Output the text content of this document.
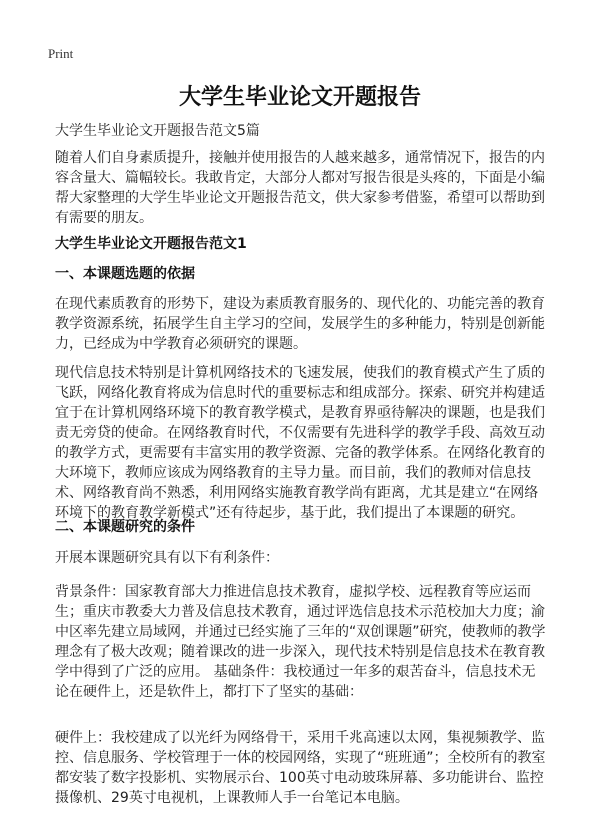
Print
大学生毕业论文开题报告

大学生毕业论文开题报告范文5篇

随着人们自身素质提升，接触并使用报告的人越来越多，通常情况下，报告的内容含量大、篇幅较长。我敢肯定，大部分人都对写报告很是头疼的，下面是小编帮大家整理的大学生毕业论文开题报告范文，供大家参考借鉴，希望可以帮助到有需要的朋友。

大学生毕业论文开题报告范文1
一、本课题选题的依据

在现代素质教育的形势下，建设为素质教育服务的、现代化的、功能完善的教育教学资源系统，拓展学生自主学习的空间，发展学生的多种能力，特别是创新能力，已经成为中学教育必须研究的课题。

现代信息技术特别是计算机网络技术的飞速发展，使我们的教育模式产生了质的飞跃，网络化教育将成为信息时代的重要标志和组成部分。探索、研究并构建适宜于在计算机网络环境下的教育教学模式，是教育界亟待解决的课题，也是我们责无旁贷的使命。在网络教育时代，不仅需要有先进科学的教学手段、高效互动的教学方式，更需要有丰富实用的教学资源、完备的教学体系。在网络化教育的大环境下，教师应该成为网络教育的主导力量。而目前，我们的教师对信息技术、网络教育尚不熟悉，利用网络实施教育教学尚有距离，尤其是建立“在网络环境下的教育教学新模式”还有待起步，基于此，我们提出了本课题的研究。

二、本课题研究的条件

开展本课题研究具有以下有利条件：

背景条件：国家教育部大力推进信息技术教育，虚拟学校、远程教育等应运而生；重庆市教委大力普及信息技术教育，通过评选信息技术示范校加大力度；渝中区率先建立局域网，并通过已经实施了三年的“双创课题”研究，使教师的教学理念有了极大改观；随着课改的进一步深入，现代技术特别是信息技术在教育教学中得到了广泛的应用。 基础条件：我校通过一年多的艰苦奋斗，信息技术无论在硬件上，还是软件上，都打下了坚实的基础：

硬件上：我校建成了以光纤为网络骨干，采用千兆高速以太网，集视频教学、监控、信息服务、学校管理于一体的校园网络，实现了“班班通”；全校所有的教室都安装了数字投影机、实物展示台、100英寸电动玻珠屏幕、多功能讲台、监控摄像机、29英寸电视机，上课教师人手一台笔记本电脑。
